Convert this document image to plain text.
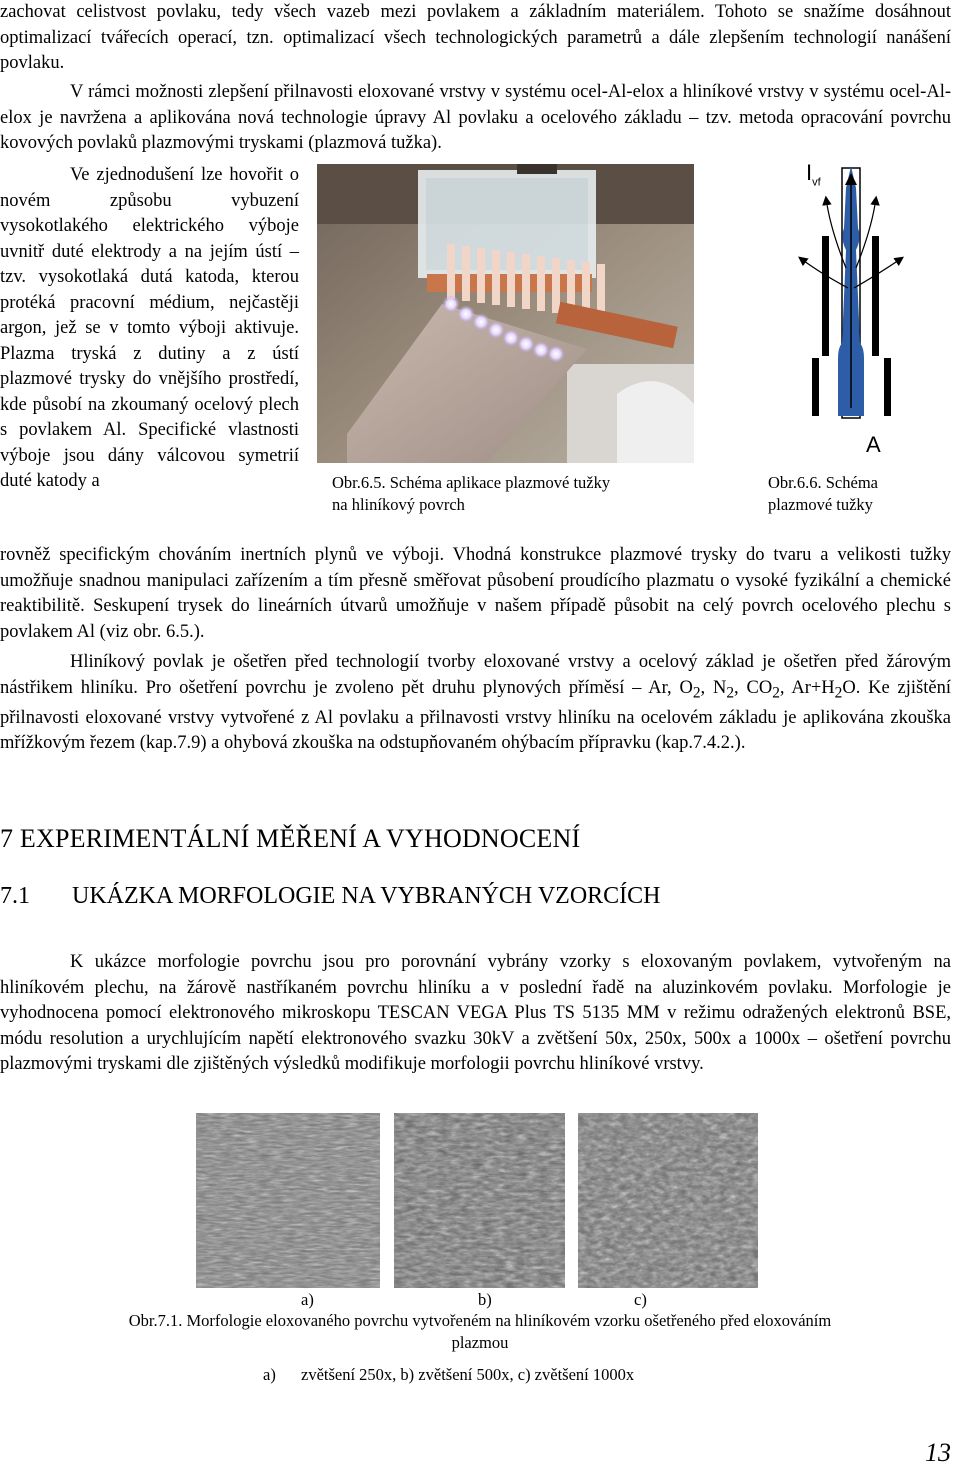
zachovat celistvost povlaku, tedy všech vazeb mezi povlakem a základním materiálem. Tohoto se snažíme dosáhnout optimalizací tvářecích operací, tzn. optimalizací všech technologických parametrů a dále zlepšením technologií nanášení povlaku.

V rámci možnosti zlepšení přilnavosti eloxované vrstvy v systému ocel-Al-elox a hliníkové vrstvy v systému ocel-Al-elox je navržena a aplikována nová technologie úpravy Al povlaku a ocelového základu – tzv. metoda opracování povrchu kovových povlaků plazmovými tryskami (plazmová tužka).

Ve zjednodušení lze hovořit o novém způsobu vybuzení vysokotlakého elektrického výboje uvnitř duté elektrody a na jejím ústí – tzv. vysokotlaká dutá katoda, kterou protéká pracovní médium, nejčastěji argon, jež se v tomto výboji aktivuje. Plazma tryská z dutiny a z ústí plazmové trysky do vnějšího prostředí, kde působí na zkoumaný ocelový plech s povlakem Al. Specifické vlastnosti výboje jsou dány válcovou symetrií duté katody a

$I_{vf}$
A
Obr.6.5. Schéma aplikace plazmové tužky
na hliníkový povrch
Obr.6.6. Schéma
plazmové tužky

rovněž specifickým chováním inertních plynů ve výboji. Vhodná konstrukce plazmové trysky do tvaru a velikosti tužky umožňuje snadnou manipulaci zařízením a tím přesně směřovat působení proudícího plazmatu o vysoké fyzikální a chemické reaktibilitě. Seskupení trysek do lineárních útvarů umožňuje v našem případě působit na celý povrch ocelového plechu s povlakem Al (viz obr. 6.5.).

Hliníkový povlak je ošetřen před technologií tvorby eloxované vrstvy a ocelový základ je ošetřen před žárovým nástřikem hliníku. Pro ošetření povrchu je zvoleno pět druhu plynových příměsí – Ar, $O_2$, $N_2$, $CO_2$, $Ar+H_2O$. Ke zjištění přilnavosti eloxované vrstvy vytvořené z Al povlaku a přilnavosti vrstvy hliníku na ocelovém základu je aplikována zkouška mřížkovým řezem (kap.7.9) a ohybová zkouška na odstupňovaném ohýbacím přípravku (kap.7.4.2.).

7 EXPERIMENTÁLNÍ MĚŘENÍ A VYHODNOCENÍ
7.1 UKÁZKA MORFOLOGIE NA VYBRANÝCH VZORCÍCH

K ukázce morfologie povrchu jsou pro porovnání vybrány vzorky s eloxovaným povlakem, vytvořeným na hliníkovém plechu, na žárově nastříkaném povrchu hliníku a v poslední řadě na aluzinkovém povlaku. Morfologie je vyhodnocena pomocí elektronového mikroskopu TESCAN VEGA Plus TS 5135 MM v režimu odražených elektronů BSE, módu resolution a urychlujícím napětí elektronového svazku 30kV a zvětšení 50x, 250x, 500x a 1000x – ošetření povrchu plazmovými tryskami dle zjištěných výsledků modifikuje morfologii povrchu hliníkové vrstvy.

a)	b)	c)
Obr.7.1. Morfologie eloxovaného povrchu vytvořeném na hliníkovém vzorku ošetřeného před eloxováním
plazmou
a) zvětšení 250x, b) zvětšení 500x, c) zvětšení 1000x
13
